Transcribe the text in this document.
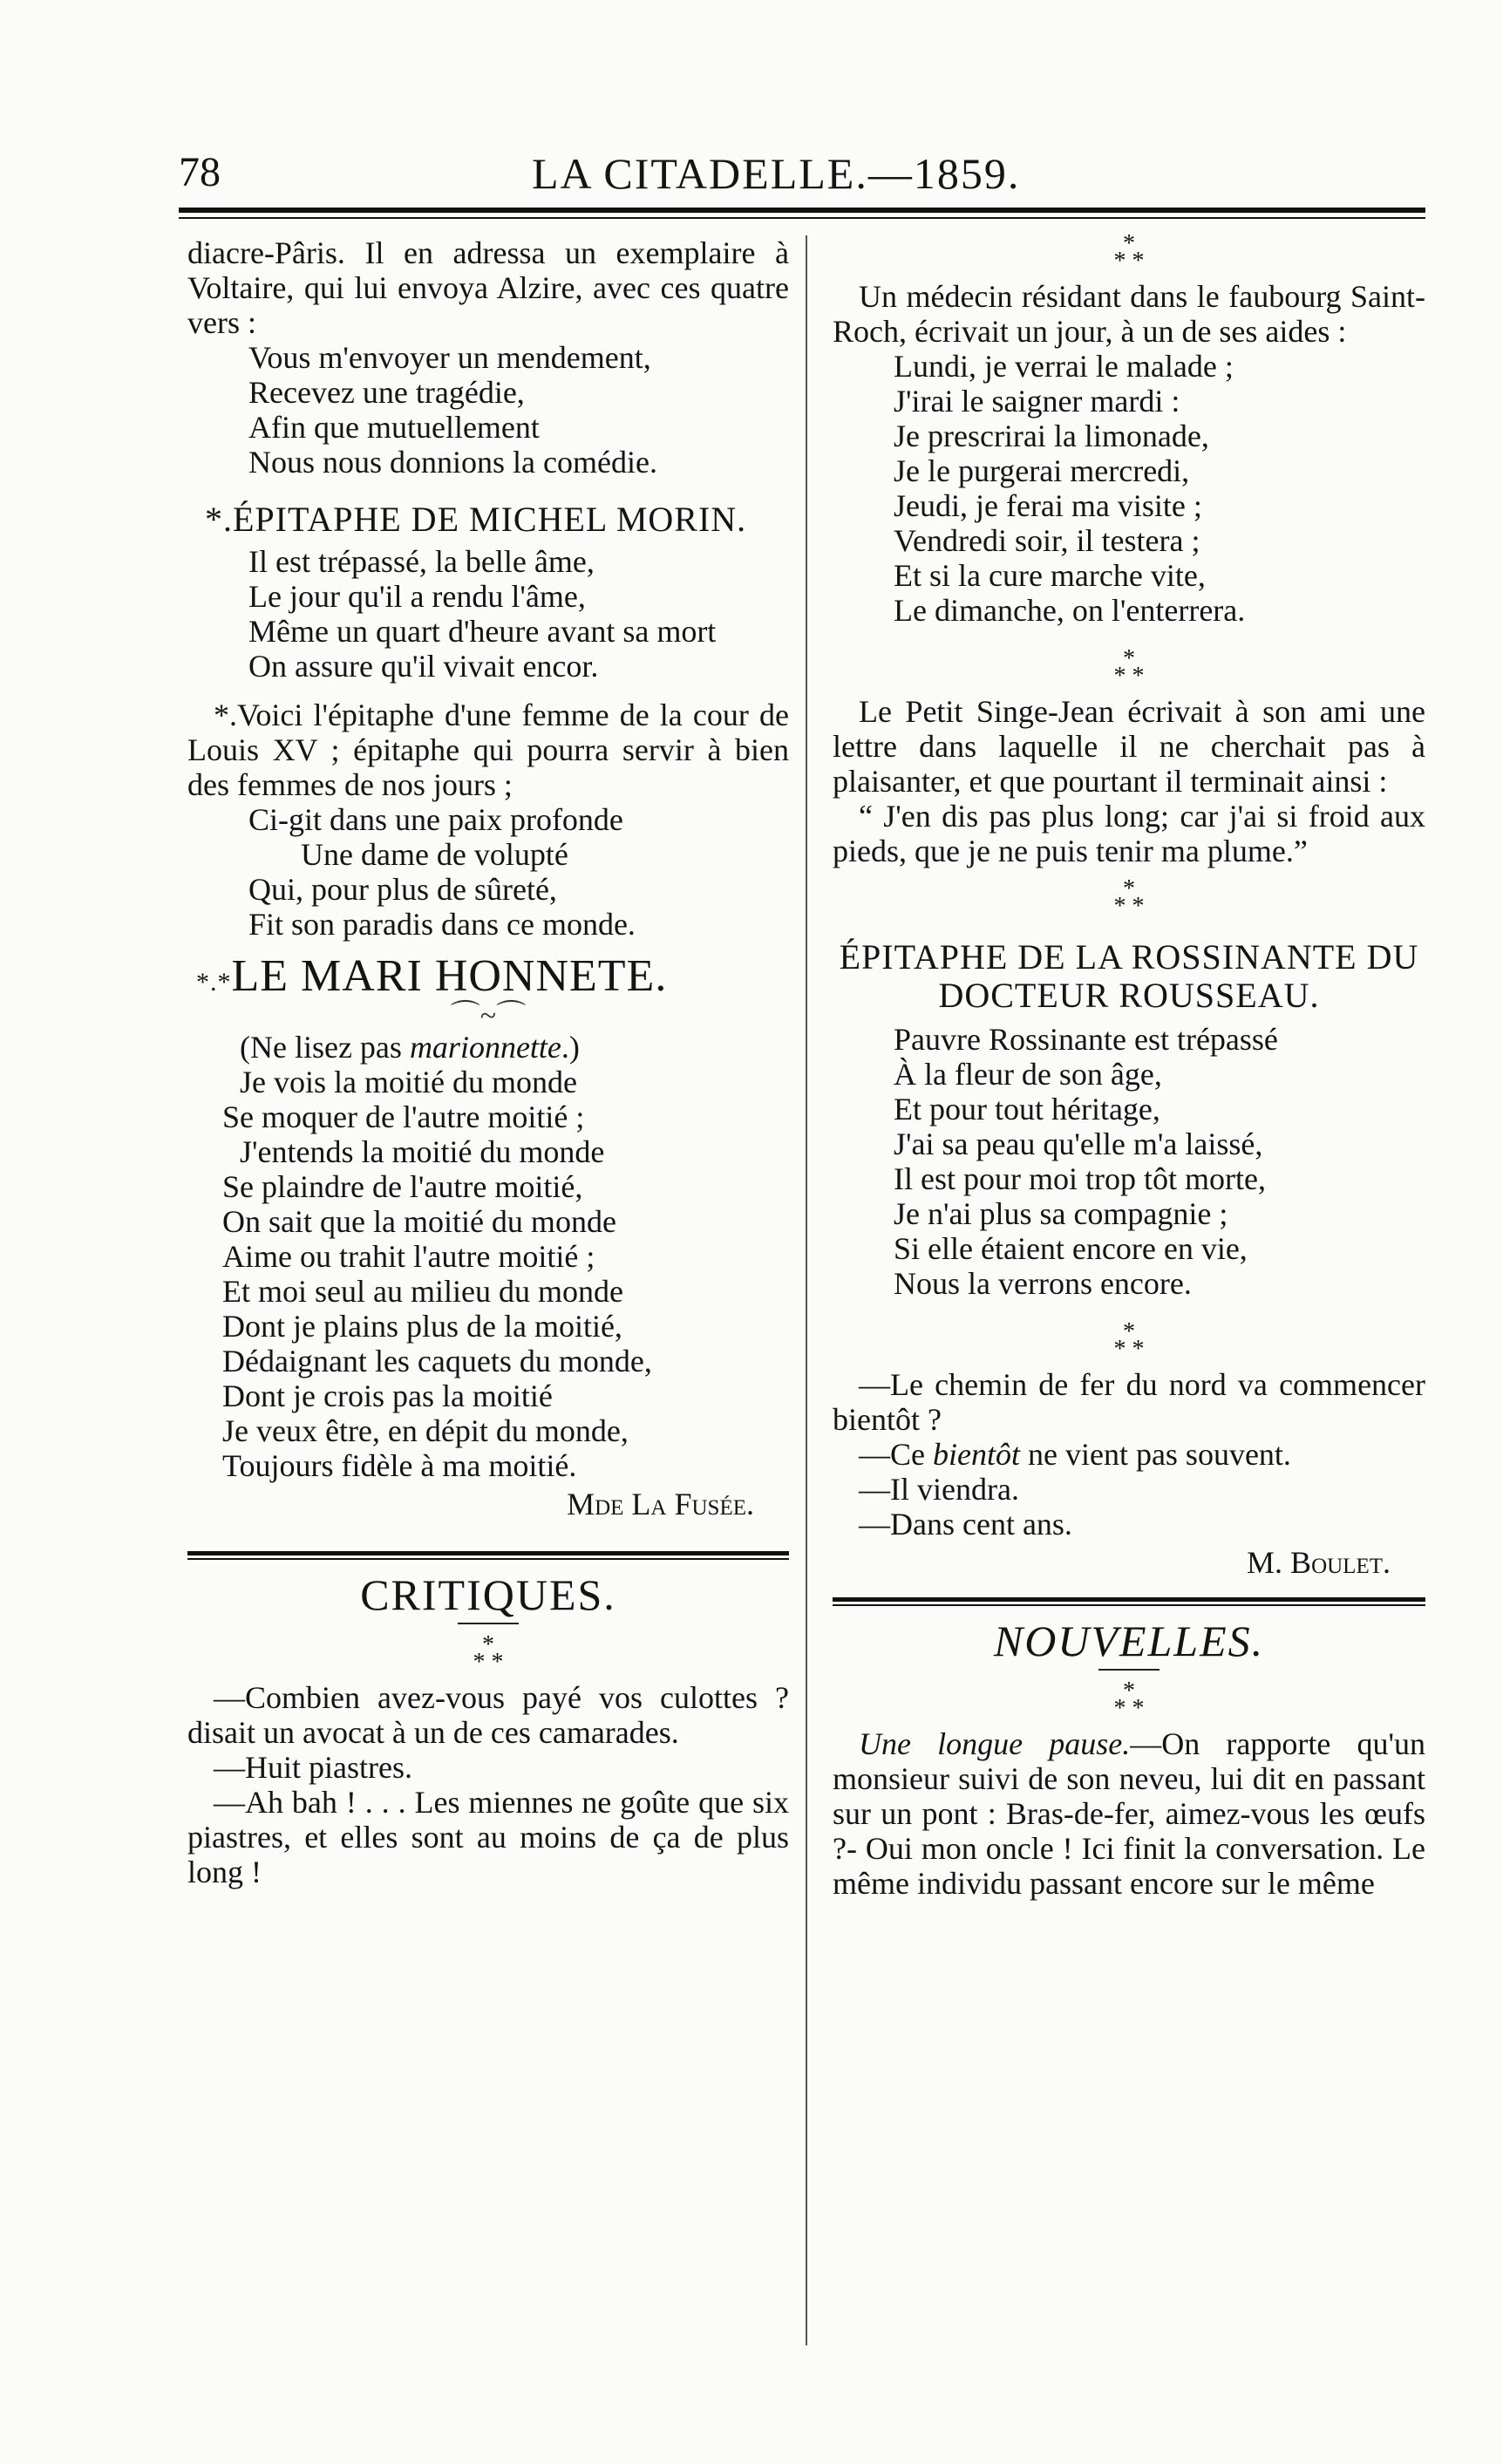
78	LA CITADELLE.—1859.

diacre-Pâris. Il en adressa un exemplaire à Voltaire, qui lui envoya Alzire, avec ces quatre vers :

Vous m'envoyer un mendement,
Recevez une tragédie,
Afin que mutuellement
Nous nous donnions la comédie.
*.ÉPITAPHE DE MICHEL MORIN.
Il est trépassé, la belle âme,
Le jour qu'il a rendu l'âme,
Même un quart d'heure avant sa mort
On assure qu'il vivait encor.

*.Voici l'épitaphe d'une femme de la cour de Louis XV ; épitaphe qui pourra servir à bien des femmes de nos jours ;

Ci-git dans une paix profonde
Une dame de volupté
Qui, pour plus de sûreté,
Fit son paradis dans ce monde.
*.*LE MARI HONNETE.
⌒~⌒
(Ne lisez pas marionnette.)
Je vois la moitié du monde
Se moquer de l'autre moitié ;
J'entends la moitié du monde
Se plaindre de l'autre moitié,
On sait que la moitié du monde
Aime ou trahit l'autre moitié ;
Et moi seul au milieu du monde
Dont je plains plus de la moitié,
Dédaignant les caquets du monde,
Dont je crois pas la moitié
Je veux être, en dépit du monde,
Toujours fidèle à ma moitié.
Mde La Fusée.
CRITIQUES.
*
* *

—Combien avez-vous payé vos culottes ? disait un avocat à un de ces camarades.

—Huit piastres.

—Ah bah ! . . . Les miennes ne goûte que six piastres, et elles sont au moins de ça de plus long !

*
* *

Un médecin résidant dans le faubourg Saint-Roch, écrivait un jour, à un de ses aides :

Lundi, je verrai le malade ;
J'irai le saigner mardi :
Je prescrirai la limonade,
Je le purgerai mercredi,
Jeudi, je ferai ma visite ;
Vendredi soir, il testera ;
Et si la cure marche vite,
Le dimanche, on l'enterrera.
*
* *

Le Petit Singe-Jean écrivait à son ami une lettre dans laquelle il ne cherchait pas à plaisanter, et que pourtant il terminait ainsi :

“ J'en dis pas plus long; car j'ai si froid aux pieds, que je ne puis tenir ma plume.”

*
* *
ÉPITAPHE DE LA ROSSINANTE DU DOCTEUR ROUSSEAU.
Pauvre Rossinante est trépassé
À la fleur de son âge,
Et pour tout héritage,
J'ai sa peau qu'elle m'a laissé,
Il est pour moi trop tôt morte,
Je n'ai plus sa compagnie ;
Si elle étaient encore en vie,
Nous la verrons encore.
*
* *

—Le chemin de fer du nord va commencer bientôt ?

—Ce bientôt ne vient pas souvent.

—Il viendra.

—Dans cent ans.

M. Boulet.
NOUVELLES.
*
* *

Une longue pause.—On rapporte qu'un monsieur suivi de son neveu, lui dit en passant sur un pont : Bras-de-fer, aimez-vous les œufs ?- Oui mon oncle ! Ici finit la conversation. Le même individu passant encore sur le même
